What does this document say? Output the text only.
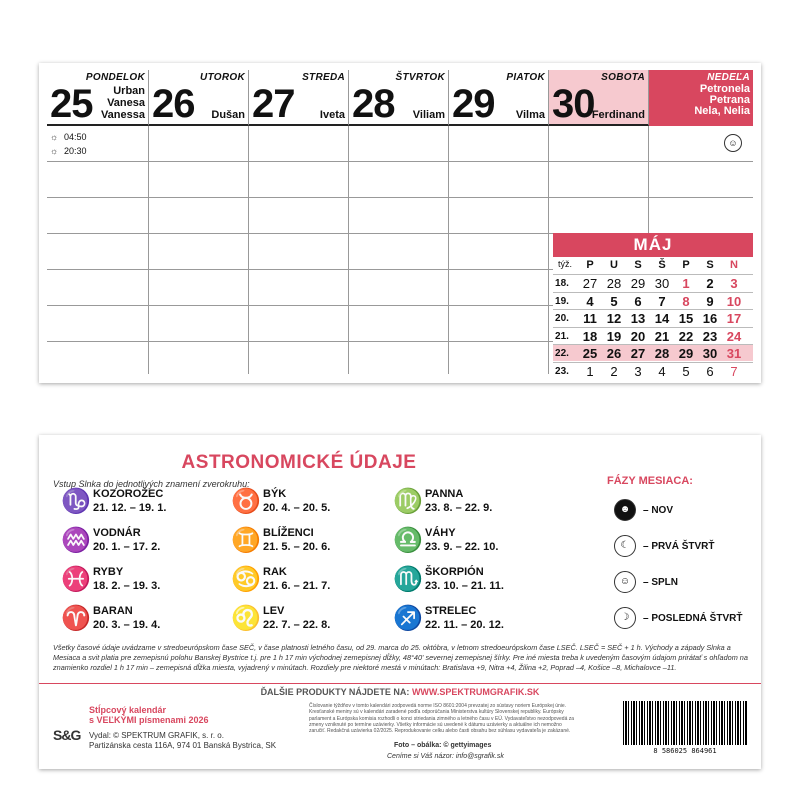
PONDELOK
25	Urban
Vanesa
Vanessa
UTOROK
26 Dušan
STREDA
27 Iveta
ŠTVRTOK
28 Viliam
PIATOK
29 Vilma
SOBOTA
30
Ferdinand
NEDEĽA
Petronela
Petrana
Nela, Nelia
☼ 04:50
☼ 20:30
☺
MÁJ
týž.	P	U	S	Š	P	S	N
18. 27 28 29 30	1	2	3
19.	4	5	6	7	8	9	10
20.	11 12 13 14 15 16 17
21. 18 19 20 21 22 23 24
22. 25 26 27 28 29 30 31
23.	1	2	3	4	5	6	7
ASTRONOMICKÉ ÚDAJE
Vstup Slnka do jednotlivých znamení zverokruhu:	FÁZY MESIACA:
Všetky časové údaje uvádzame v stredoeurópskom čase SEČ, v čase platnosti letného času, od 29. marca do 25. októbra, v letnom stredoeurópskom čase LSEČ. LSEČ = SEČ + 1 h. Východy a západy Slnka a Mesiaca a svit platia pre zemepisnú polohu Banskej Bystrice t.j. pre 1 h 17 min východnej zemepisnej dĺžky, 48°40' severnej zemepisnej šírky. Pre iné miesta treba k uvedeným časovým údajom prirátať s ohľadom na znamienko rozdiel 1 h 17 min – zemepisná dĺžka miesta, vyjadrený v minútach. Rozdiely pre niektoré mestá v minútach: Bratislava +9, Nitra +4, Žilina +2, Poprad –4, Košice –8, Michalovce –11.
ĎALŠIE PRODUKTY NÁJDETE NA: WWW.SPEKTRUMGRAFIK.SK
Stĺpcový kalendár
s VEĽKÝMI písmenami 2026
S&G Vydal: © SPEKTRUM GRAFIK, s. r. o.
Partizánska cesta 116A, 974 01 Banská Bystrica, SK
Číslovanie týždňov v tomto kalendári zodpovedá norme ISO 8601:2004 prevzatej zo sústavy noriem Európskej únie. Kresťanské meniny sú v kalendári zaradené podľa odporúčania Ministerstva kultúry Slovenskej republiky. Európsky parlament a Európska komisia rozhodli o konci striedania zimného a letného času v EÚ. Vydavateľstvo nezodpovedá za zmeny vzniknuté po termíne uzávierky. Všetky informácie sú uvedené k dátumu uzávierky a aktuálne ich nemožno zaručiť. Redakčná uzávierka 02/2025. Reprodukovanie celku alebo časti obsahu bez súhlasu vydavateľa je zakázané.
Foto – obálka: © gettyimages
Ceníme si Váš názor: info@sgrafik.sk
8 586025 864961
♑ KOZOROŽEC
21. 12. – 19. 1.
♒ VODNÁR
20. 1. – 17. 2.
♓ RYBY
18. 2. – 19. 3.
♈ BARAN
20. 3. – 19. 4.
♉ BÝK
20. 4. – 20. 5.
♊ BLÍŽENCI
21. 5. – 20. 6.
♋ RAK
21. 6. – 21. 7.
♌ LEV
22. 7. – 22. 8.
♍ PANNA
23. 8. – 22. 9.
♎ VÁHY
23. 9. – 22. 10.
♏ ŠKORPIÓN
23. 10. – 21. 11.
♐ STRELEC
22. 11. – 20. 12.
☻	– NOV
☾	– PRVÁ ŠTVRŤ
☺	– SPLN
☽	– POSLEDNÁ ŠTVRŤ
